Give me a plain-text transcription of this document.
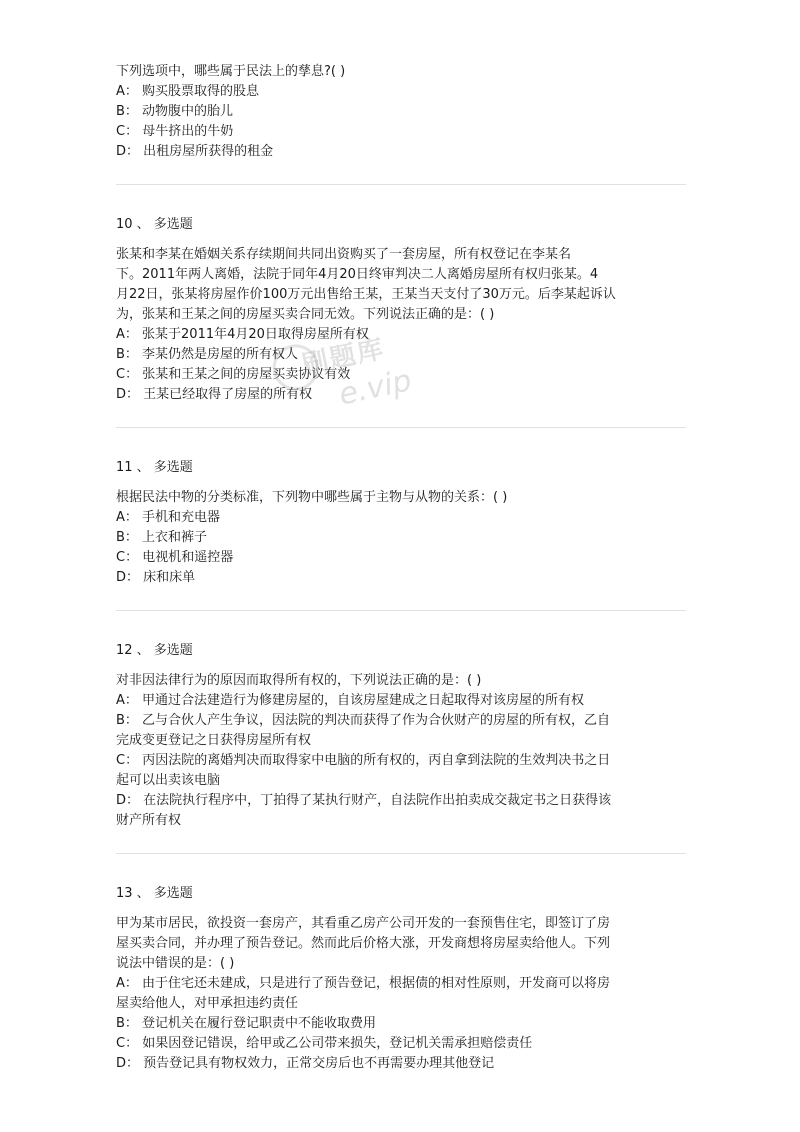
下列选项中，哪些属于民法上的孳息?( )
A： 购买股票取得的股息
B： 动物腹中的胎儿
C： 母牛挤出的牛奶
D： 出租房屋所获得的租金
10 、 多选题
张某和李某在婚姻关系存续期间共同出资购买了一套房屋，所有权登记在李某名
下。2011年两人离婚，法院于同年4月20日终审判决二人离婚房屋所有权归张某。4
月22日，张某将房屋作价100万元出售给王某，王某当天支付了30万元。后李某起诉认
为，张某和王某之间的房屋买卖合同无效。下列说法正确的是：( )
A： 张某于2011年4月20日取得房屋所有权
B： 李某仍然是房屋的所有权人
C： 张某和王某之间的房屋买卖协议有效
D： 王某已经取得了房屋的所有权
11 、 多选题
根据民法中物的分类标准，下列物中哪些属于主物与从物的关系：( )
A： 手机和充电器
B： 上衣和裤子
C： 电视机和遥控器
D： 床和床单
12 、 多选题
对非因法律行为的原因而取得所有权的，下列说法正确的是：( )
A： 甲通过合法建造行为修建房屋的，自该房屋建成之日起取得对该房屋的所有权
B： 乙与合伙人产生争议，因法院的判决而获得了作为合伙财产的房屋的所有权，乙自
完成变更登记之日获得房屋所有权
C： 丙因法院的离婚判决而取得家中电脑的所有权的，丙自拿到法院的生效判决书之日
起可以出卖该电脑
D： 在法院执行程序中，丁拍得了某执行财产，自法院作出拍卖成交裁定书之日获得该
财产所有权
13 、 多选题
甲为某市居民，欲投资一套房产，其看重乙房产公司开发的一套预售住宅，即签订了房
屋买卖合同，并办理了预告登记。然而此后价格大涨，开发商想将房屋卖给他人。下列
说法中错误的是：( )
A： 由于住宅还未建成，只是进行了预告登记，根据债的相对性原则，开发商可以将房
屋卖给他人，对甲承担违约责任
B： 登记机关在履行登记职责中不能收取费用
C： 如果因登记错误，给甲或乙公司带来损失，登记机关需承担赔偿责任
D： 预告登记具有物权效力，正常交房后也不再需要办理其他登记
刷题库
e.vip
